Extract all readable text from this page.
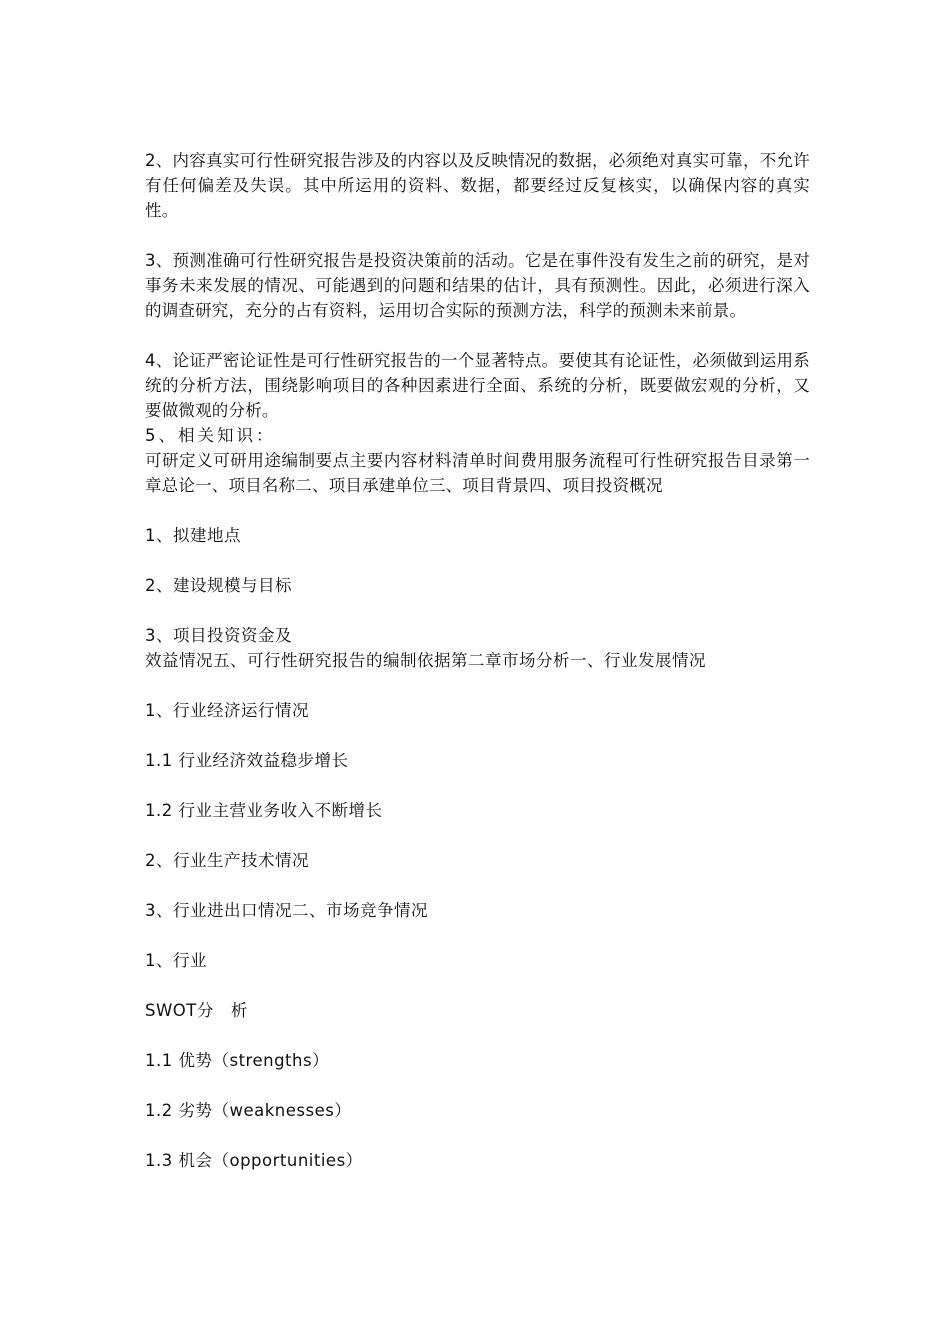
2、内容真实可行性研究报告涉及的内容以及反映情况的数据，必须绝对真实可靠，不允许有任何偏差及失误。其中所运用的资料、数据，都要经过反复核实，以确保内容的真实性。

3、预测准确可行性研究报告是投资决策前的活动。它是在事件没有发生之前的研究，是对事务未来发展的情况、可能遇到的问题和结果的估计，具有预测性。因此，必须进行深入的调查研究，充分的占有资料，运用切合实际的预测方法，科学的预测未来前景。

4、论证严密论证性是可行性研究报告的一个显著特点。要使其有论证性，必须做到运用系统的分析方法，围绕影响项目的各种因素进行全面、系统的分析，既要做宏观的分析，又要做微观的分析。

5、相关知识：

可研定义可研用途编制要点主要内容材料清单时间费用服务流程可行性研究报告目录第一章总论一、项目名称二、项目承建单位三、项目背景四、项目投资概况

1、拟建地点

2、建设规模与目标

3、项目投资资金及

效益情况五、可行性研究报告的编制依据第二章市场分析一、行业发展情况

1、行业经济运行情况

1.1 行业经济效益稳步增长

1.2 行业主营业务收入不断增长

2、行业生产技术情况

3、行业进出口情况二、市场竞争情况

1、行业

SWOT分　析

1.1 优势（strengths）

1.2 劣势（weaknesses）

1.3 机会（opportunities）
